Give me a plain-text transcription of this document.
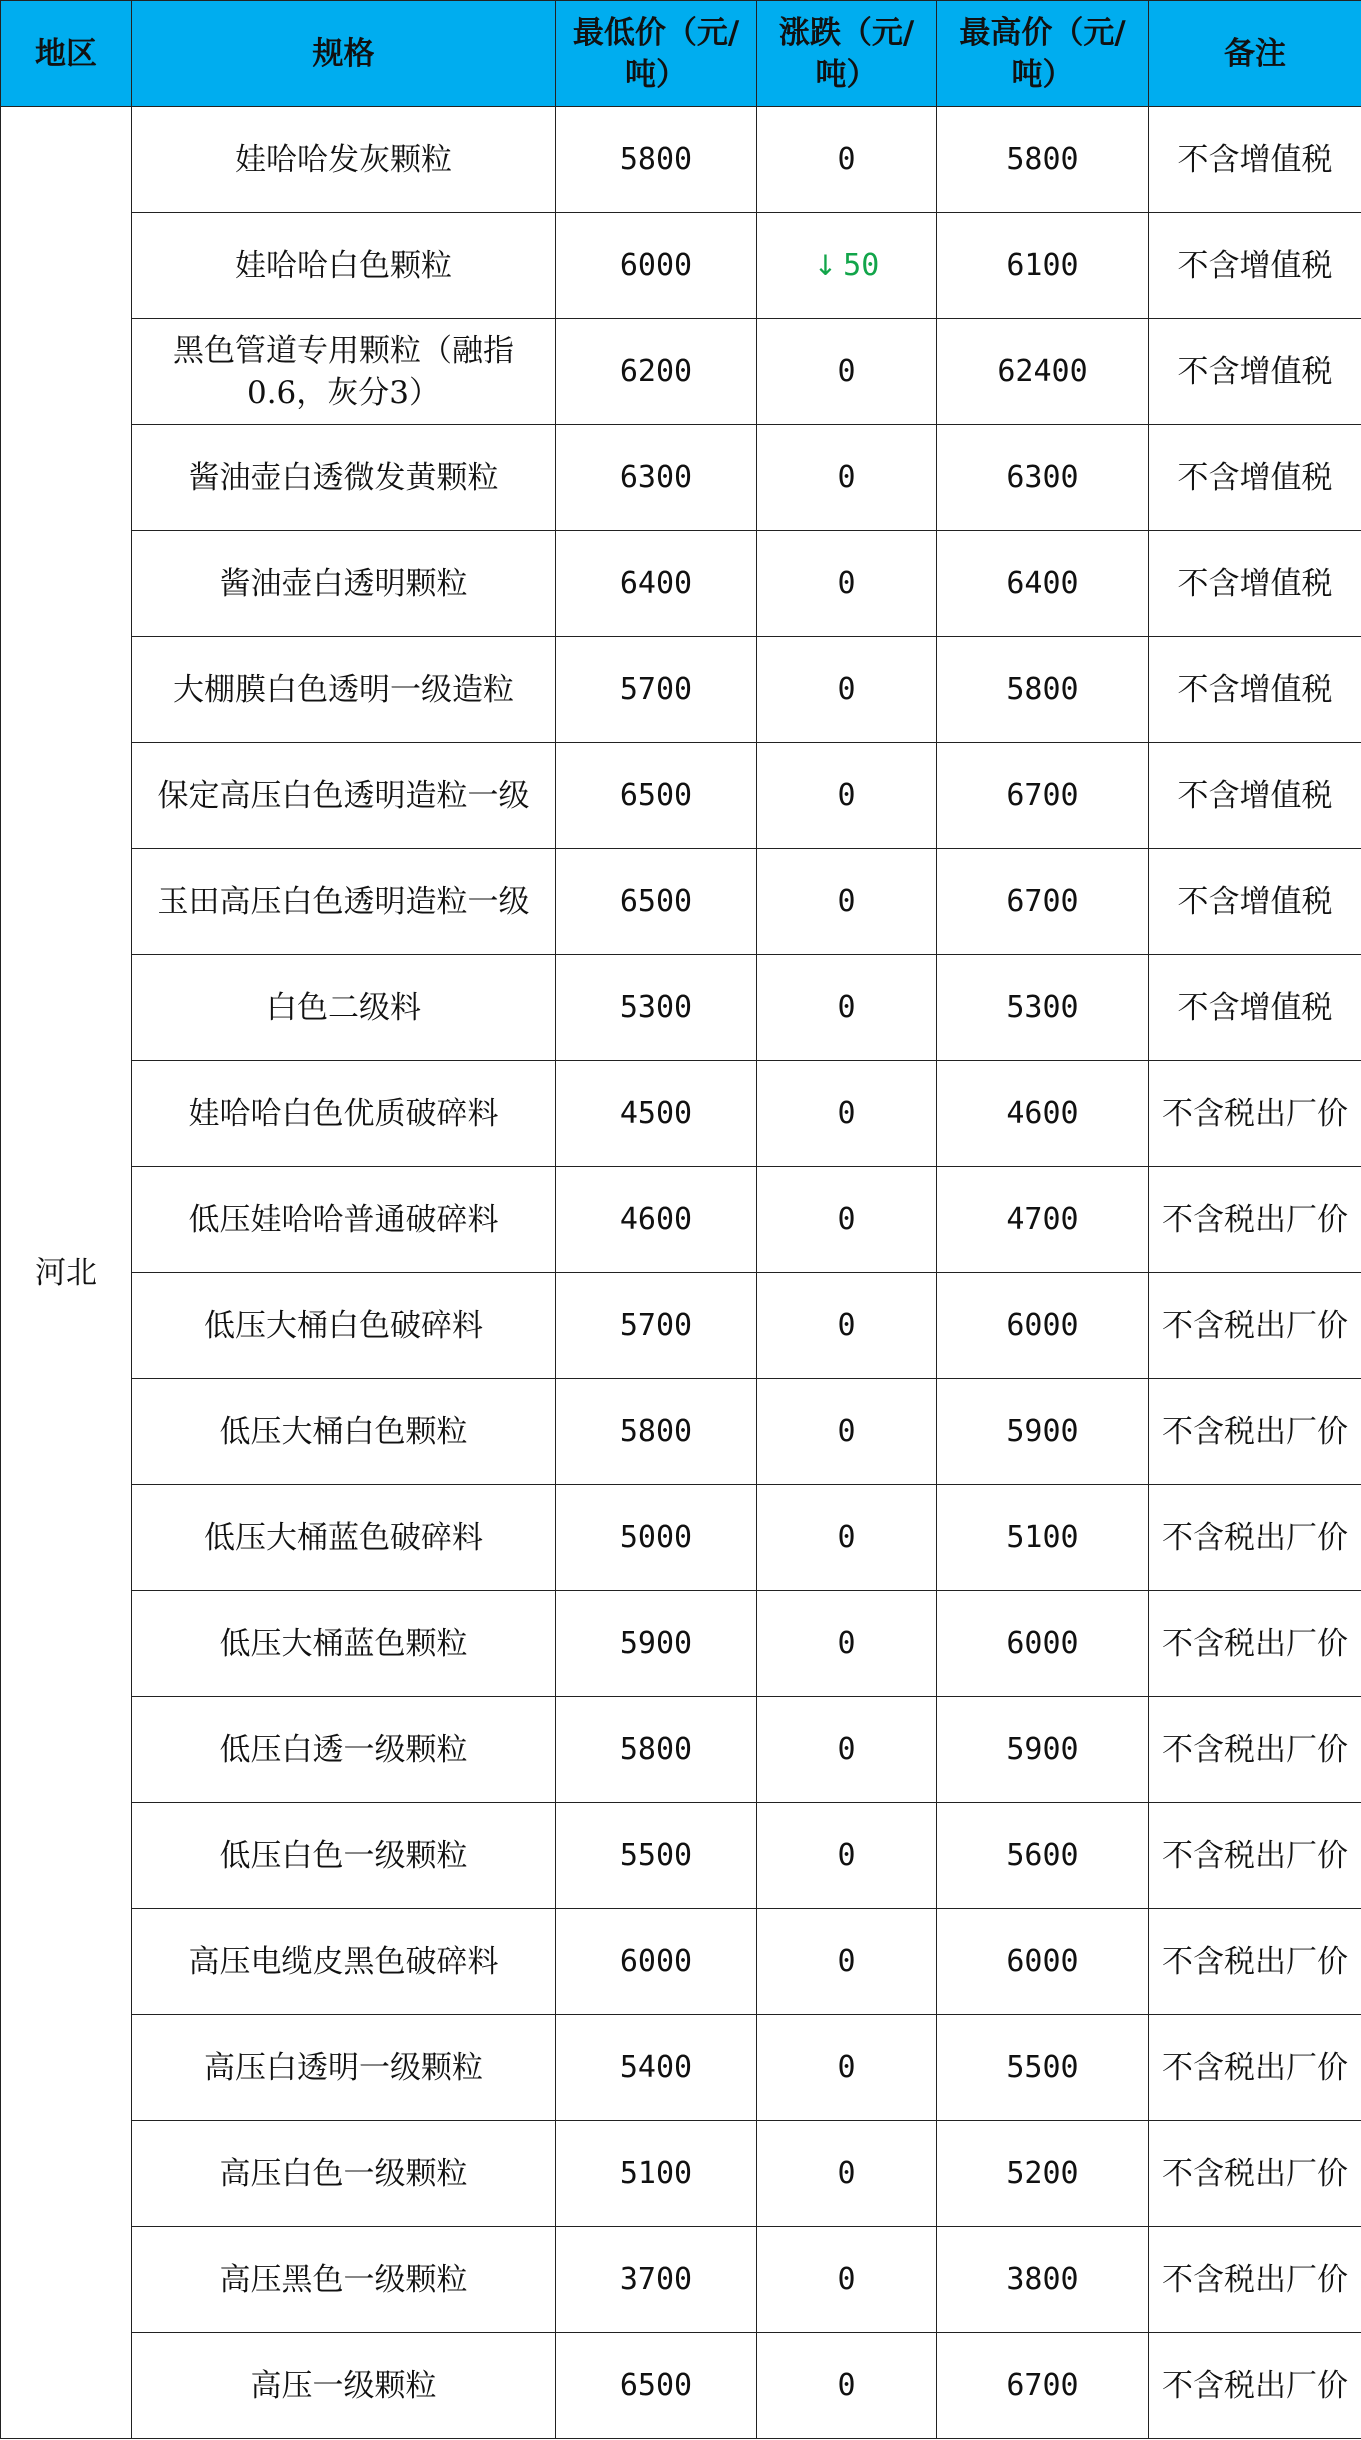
地区	规格	最低价（元/吨）	涨跌（元/吨）	最高价（元/吨）	备注
河北	娃哈哈发灰颗粒	5800	0	5800	不含增值税
	娃哈哈白色颗粒	6000	↓ 50	6100	不含增值税
	黑色管道专用颗粒（融指0.6，灰分3）	6200	0	62400	不含增值税
	酱油壶白透微发黄颗粒	6300	0	6300	不含增值税
	酱油壶白透明颗粒	6400	0	6400	不含增值税
	大棚膜白色透明一级造粒	5700	0	5800	不含增值税
	保定高压白色透明造粒一级	6500	0	6700	不含增值税
	玉田高压白色透明造粒一级	6500	0	6700	不含增值税
	白色二级料	5300	0	5300	不含增值税
	娃哈哈白色优质破碎料	4500	0	4600	不含税出厂价
	低压娃哈哈普通破碎料	4600	0	4700	不含税出厂价
	低压大桶白色破碎料	5700	0	6000	不含税出厂价
	低压大桶白色颗粒	5800	0	5900	不含税出厂价
	低压大桶蓝色破碎料	5000	0	5100	不含税出厂价
	低压大桶蓝色颗粒	5900	0	6000	不含税出厂价
	低压白透一级颗粒	5800	0	5900	不含税出厂价
	低压白色一级颗粒	5500	0	5600	不含税出厂价
	高压电缆皮黑色破碎料	6000	0	6000	不含税出厂价
	高压白透明一级颗粒	5400	0	5500	不含税出厂价
	高压白色一级颗粒	5100	0	5200	不含税出厂价
	高压黑色一级颗粒	3700	0	3800	不含税出厂价
	高压一级颗粒	6500	0	6700	不含税出厂价
